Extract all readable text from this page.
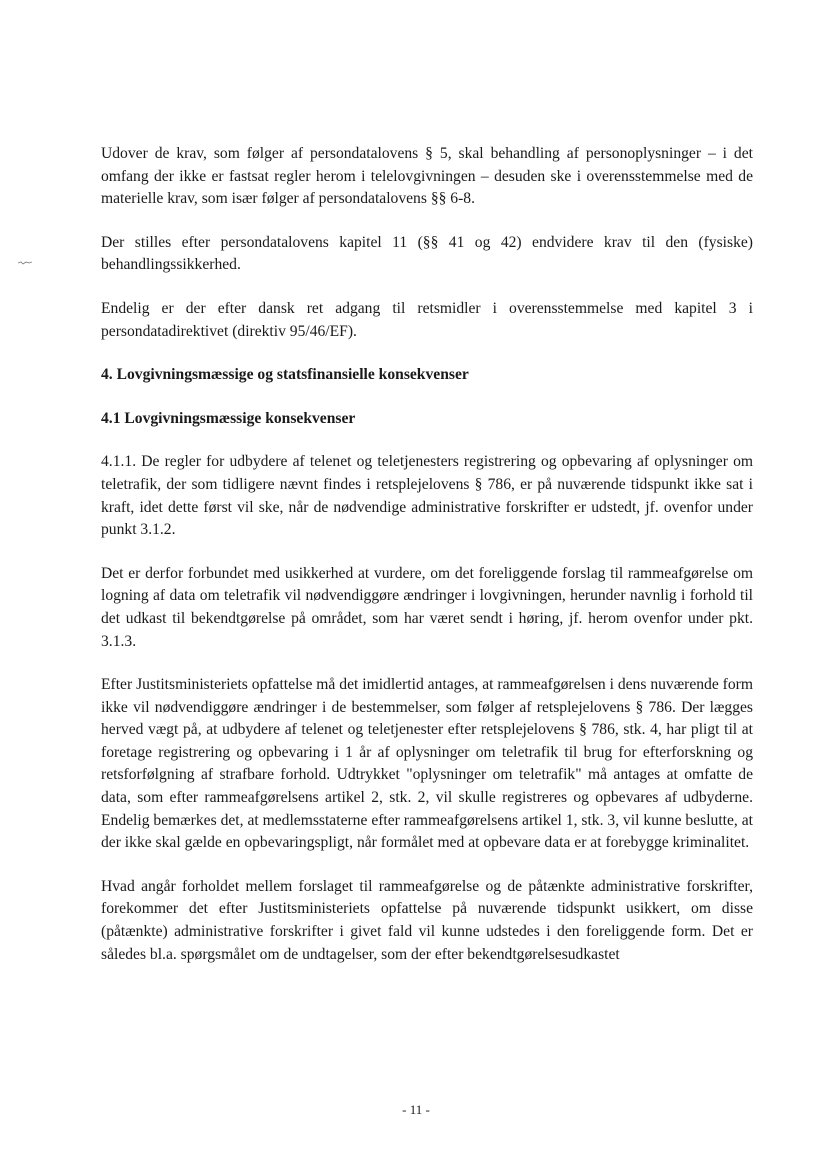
Udover de krav, som følger af persondatalovens § 5, skal behandling af personoplysninger – i det omfang der ikke er fastsat regler herom i telelovgivningen – desuden ske i overensstemmelse med de materielle krav, som især følger af persondatalovens §§ 6-8.

Der stilles efter persondatalovens kapitel 11 (§§ 41 og 42) endvidere krav til den (fysiske) behandlingssikkerhed.

Endelig er der efter dansk ret adgang til retsmidler i overensstemmelse med kapitel 3 i persondatadirektivet (direktiv 95/46/EF).

4. Lovgivningsmæssige og statsfinansielle konsekvenser
4.1 Lovgivningsmæssige konsekvenser

4.1.1. De regler for udbydere af telenet og teletjenesters registrering og opbevaring af oplysninger om teletrafik, der som tidligere nævnt findes i retsplejelovens § 786, er på nuværende tidspunkt ikke sat i kraft, idet dette først vil ske, når de nødvendige administrative forskrifter er udstedt, jf. ovenfor under punkt 3.1.2.

Det er derfor forbundet med usikkerhed at vurdere, om det foreliggende forslag til rammeafgørelse om logning af data om teletrafik vil nødvendiggøre ændringer i lovgivningen, herunder navnlig i forhold til det udkast til bekendtgørelse på området, som har været sendt i høring, jf. herom ovenfor under pkt. 3.1.3.

Efter Justitsministeriets opfattelse må det imidlertid antages, at rammeafgørelsen i dens nuværende form ikke vil nødvendiggøre ændringer i de bestemmelser, som følger af retsplejelovens § 786. Der lægges herved vægt på, at udbydere af telenet og teletjenester efter retsplejelovens § 786, stk. 4, har pligt til at foretage registrering og opbevaring i 1 år af oplysninger om teletrafik til brug for efterforskning og retsforfølgning af strafbare forhold. Udtrykket "oplysninger om teletrafik" må antages at omfatte de data, som efter rammeafgørelsens artikel 2, stk. 2, vil skulle registreres og opbevares af udbyderne. Endelig bemærkes det, at medlemsstaterne efter rammeafgørelsens artikel 1, stk. 3, vil kunne beslutte, at der ikke skal gælde en opbevaringspligt, når formålet med at opbevare data er at forebygge kriminalitet.

Hvad angår forholdet mellem forslaget til rammeafgørelse og de påtænkte administrative forskrifter, forekommer det efter Justitsministeriets opfattelse på nuværende tidspunkt usikkert, om disse (påtænkte) administrative forskrifter i givet fald vil kunne udstedes i den foreliggende form. Det er således bl.a. spørgsmålet om de undtagelser, som der efter bekendtgørelsesudkastet

- 11 -
